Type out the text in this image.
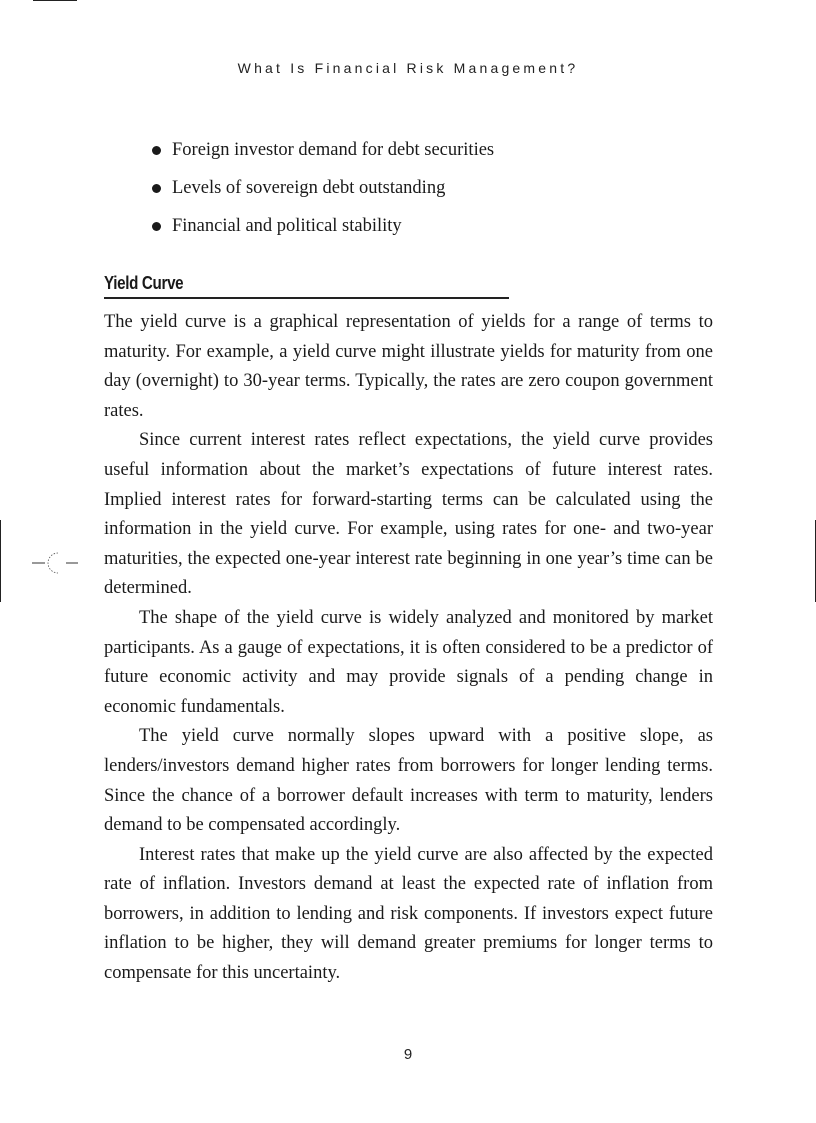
What Is Financial Risk Management?
Foreign investor demand for debt securities
Levels of sovereign debt outstanding
Financial and political stability
Yield Curve

The yield curve is a graphical representation of yields for a range of terms to maturity. For example, a yield curve might illustrate yields for maturity from one day (overnight) to 30-year terms. Typically, the rates are zero coupon government rates.

Since current interest rates reflect expectations, the yield curve provides useful information about the market’s expectations of future interest rates. Implied interest rates for forward-starting terms can be calculated using the information in the yield curve. For example, using rates for one- and two-year maturities, the expected one-year interest rate beginning in one year’s time can be determined.

The shape of the yield curve is widely analyzed and monitored by market participants. As a gauge of expectations, it is often considered to be a predictor of future economic activity and may provide signals of a pending change in economic fundamentals.

The yield curve normally slopes upward with a positive slope, as lenders/investors demand higher rates from borrowers for longer lending terms. Since the chance of a borrower default increases with term to maturity, lenders demand to be compensated accordingly.

Interest rates that make up the yield curve are also affected by the expected rate of inflation. Investors demand at least the expected rate of inflation from borrowers, in addition to lending and risk components. If investors expect future inflation to be higher, they will demand greater premiums for longer terms to compensate for this uncertainty.

9
